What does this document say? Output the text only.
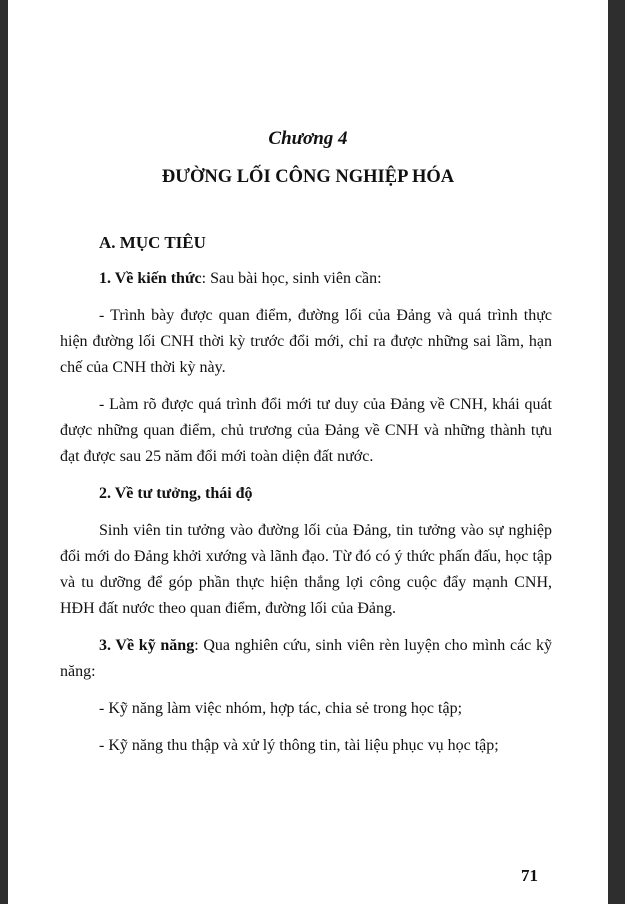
Chương 4
ĐƯỜNG LỐI CÔNG NGHIỆP HÓA
A. MỤC TIÊU

1. Về kiến thức: Sau bài học, sinh viên cần:

- Trình bày được quan điểm, đường lối của Đảng và quá trình thực hiện đường lối CNH thời kỳ trước đổi mới, chỉ ra được những sai lầm, hạn chế của CNH thời kỳ này.

- Làm rõ được quá trình đổi mới tư duy của Đảng về CNH, khái quát được những quan điểm, chủ trương của Đảng về CNH và những thành tựu đạt được sau 25 năm đổi mới toàn diện đất nước.

2. Về tư tưởng, thái độ

Sinh viên tin tưởng vào đường lối của Đảng, tin tưởng vào sự nghiệp đổi mới do Đảng khởi xướng và lãnh đạo. Từ đó có ý thức phấn đấu, học tập và tu dưỡng để góp phần thực hiện thắng lợi công cuộc đẩy mạnh CNH, HĐH đất nước theo quan điểm, đường lối của Đảng.

3. Về kỹ năng: Qua nghiên cứu, sinh viên rèn luyện cho mình các kỹ năng:

- Kỹ năng làm việc nhóm, hợp tác, chia sẻ trong học tập;

- Kỹ năng thu thập và xử lý thông tin, tài liệu phục vụ học tập;

71
